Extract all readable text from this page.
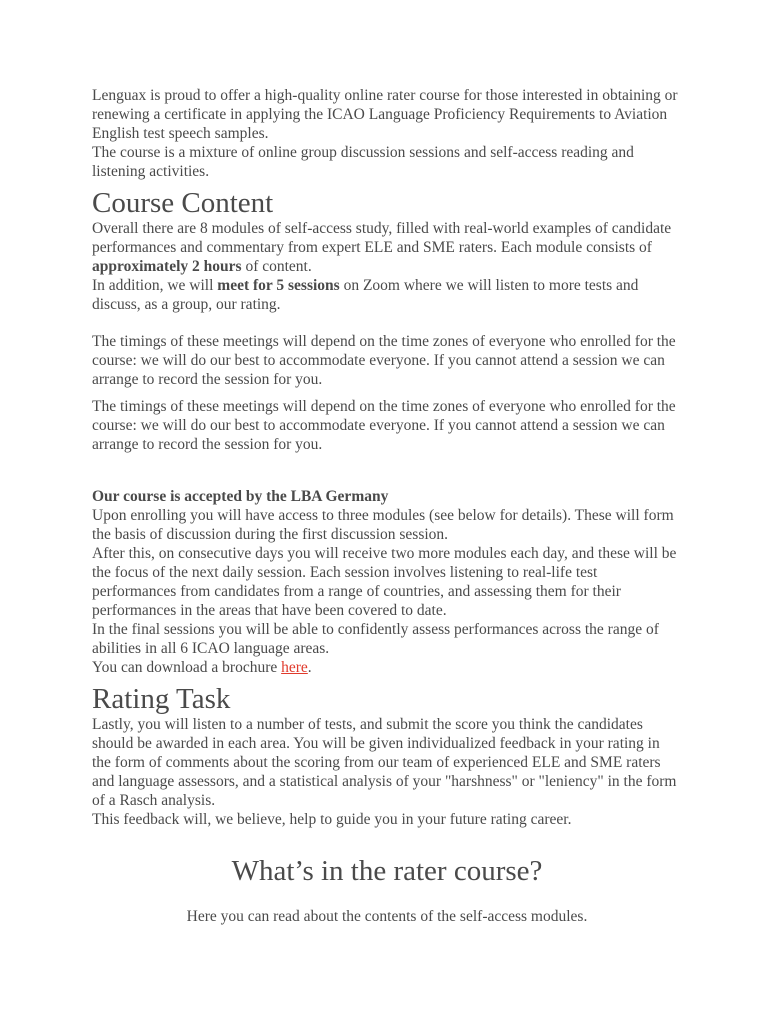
Lenguax is proud to offer a high-quality online rater course for those interested in obtaining or renewing a certificate in applying the ICAO Language Proficiency Requirements to Aviation English test speech samples.

The course is a mixture of online group discussion sessions and self-access reading and listening activities.

Course Content

Overall there are 8 modules of self-access study, filled with real-world examples of candidate performances and commentary from expert ELE and SME raters. Each module consists of approximately 2 hours of content.

In addition, we will meet for 5 sessions on Zoom where we will listen to more tests and discuss, as a group, our rating.

The timings of these meetings will depend on the time zones of everyone who enrolled for the course: we will do our best to accommodate everyone. If you cannot attend a session we can arrange to record the session for you.

The timings of these meetings will depend on the time zones of everyone who enrolled for the course: we will do our best to accommodate everyone. If you cannot attend a session we can arrange to record the session for you.

Our course is accepted by the LBA Germany

Upon enrolling you will have access to three modules (see below for details). These will form the basis of discussion during the first discussion session.

After this, on consecutive days you will receive two more modules each day, and these will be the focus of the next daily session. Each session involves listening to real-life test performances from candidates from a range of countries, and assessing them for their performances in the areas that have been covered to date.

In the final sessions you will be able to confidently assess performances across the range of abilities in all 6 ICAO language areas.

You can download a brochure here.

Rating Task

Lastly, you will listen to a number of tests, and submit the score you think the candidates should be awarded in each area. You will be given individualized feedback in your rating in the form of comments about the scoring from our team of experienced ELE and SME raters and language assessors, and a statistical analysis of your "harshness" or "leniency" in the form of a Rasch analysis.

This feedback will, we believe, help to guide you in your future rating career.

What’s in the rater course?

Here you can read about the contents of the self-access modules.
